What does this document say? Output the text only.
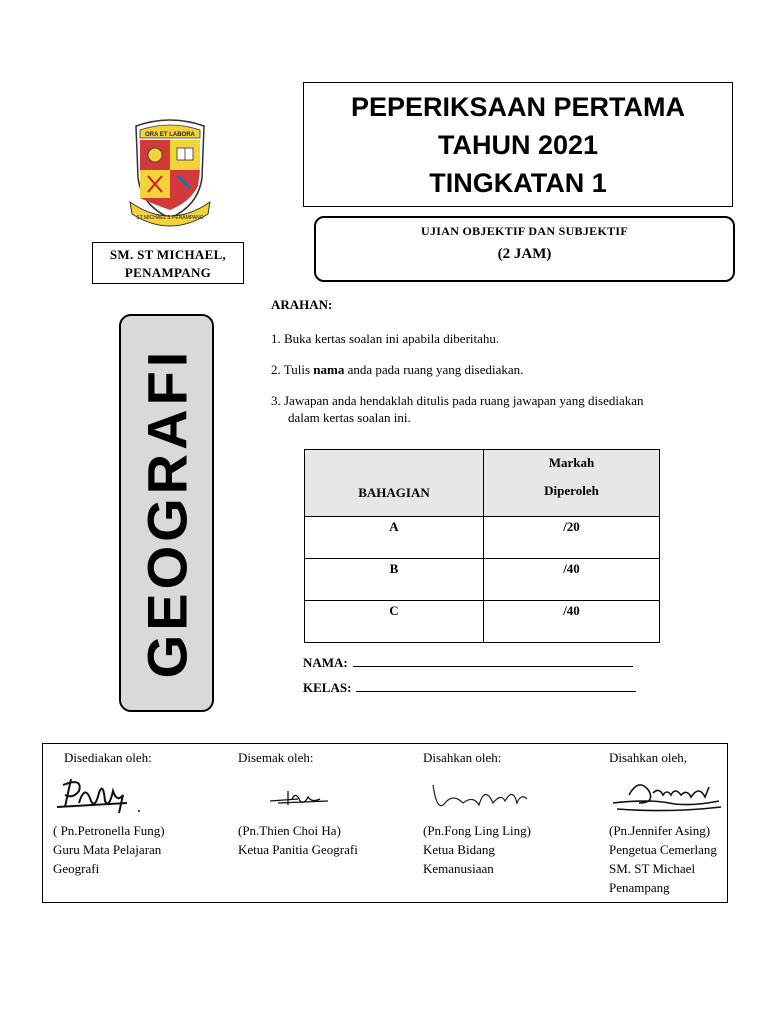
PEPERIKSAAN PERTAMA
TAHUN 2021
TINGKATAN 1
ORA ET LABORA
ST MICHAEL'S PENAMPANG
SM. ST MICHAEL,
PENAMPANG
UJIAN OBJEKTIF DAN SUBJEKTIF
(2 JAM)
GEOGRAFI
ARAHAN:
1. Buka kertas soalan ini apabila diberitahu.
2. Tulis nama anda pada ruang yang disediakan.
3. Jawapan anda hendaklah ditulis pada ruang jawapan yang disediakan
dalam kertas soalan ini.
BAHAGIAN	Markah
Diperoleh

A	/20
B	/40
C	/40
NAMA:
KELAS:
Disediakan oleh:
( Pn.Petronella Fung)
Guru Mata Pelajaran
Geografi
Disemak oleh:
(Pn.Thien Choi Ha)
Ketua Panitia Geografi
Disahkan oleh:
(Pn.Fong Ling Ling)
Ketua Bidang
Kemanusiaan
Disahkan oleh,
(Pn.Jennifer Asing)
Pengetua Cemerlang
SM. ST Michael
Penampang
